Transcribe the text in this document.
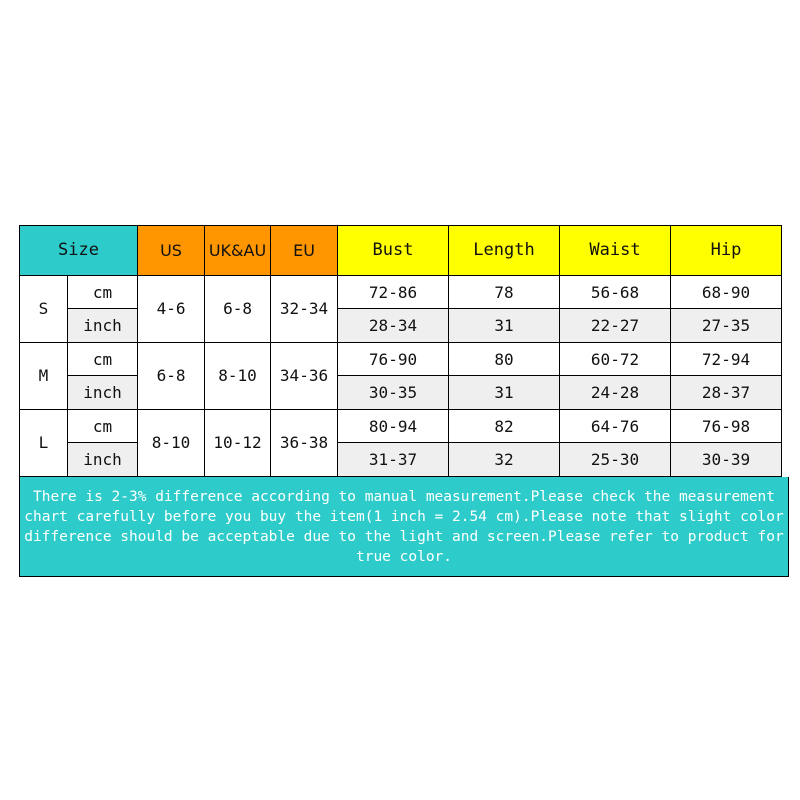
Size		US	UK&AU	EU	Bust	Length	Waist	Hip
S	cm	4-6	6-8	32-34	72-86	78	56-68	68-90
	inch				28-34	31	22-27	27-35
M	cm	6-8	8-10	34-36	76-90	80	60-72	72-94
	inch				30-35	31	24-28	28-37
L	cm	8-10	10-12	36-38	80-94	82	64-76	76-98
	inch				31-37	32	25-30	30-39
There is 2-3% difference according to manual measurement.Please check the measurement chart carefully before you buy the item(1 inch = 2.54 cm).Please note that slight color difference should be acceptable due to the light and screen.Please refer to product for true color.
